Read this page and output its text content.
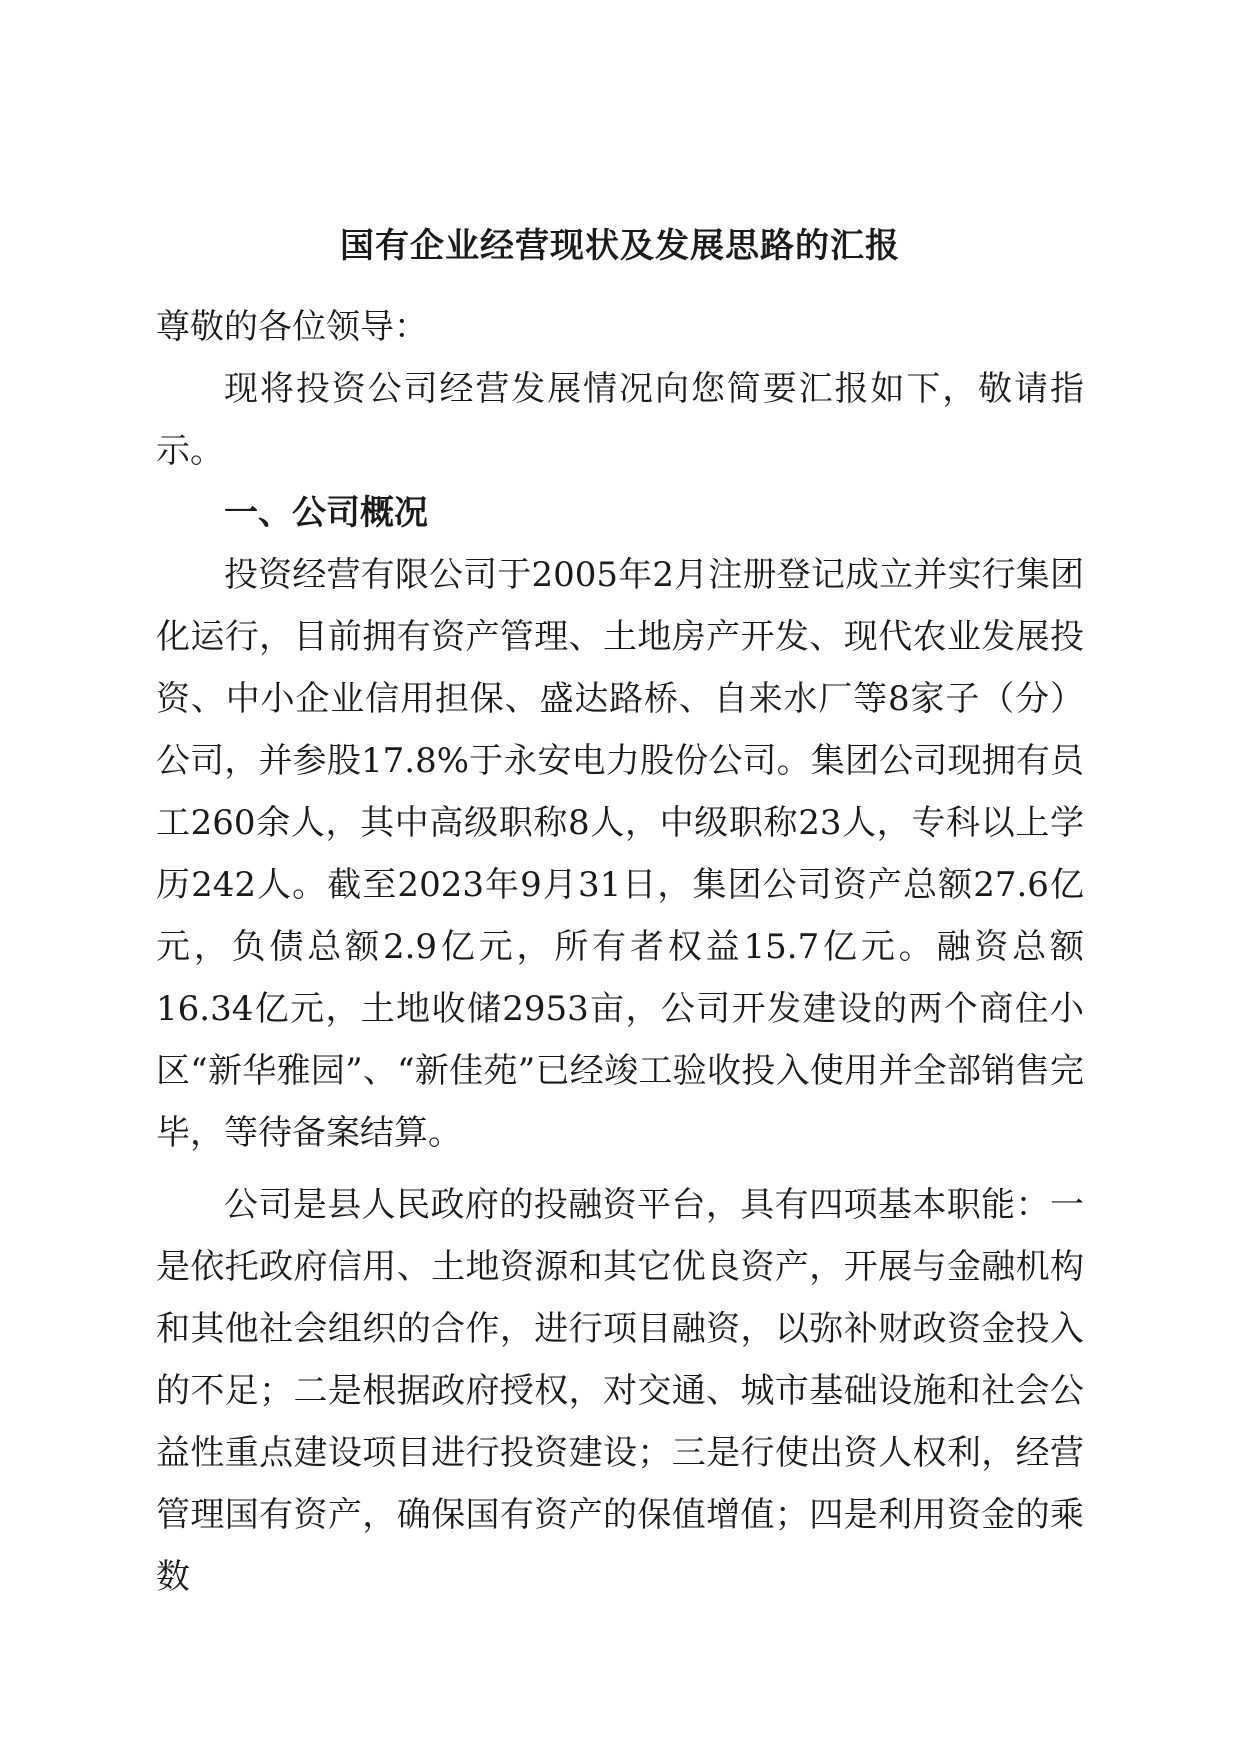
国有企业经营现状及发展思路的汇报

尊敬的各位领导：

现将投资公司经营发展情况向您简要汇报如下，敬请指示。

一、公司概况

投资经营有限公司于2005年2月注册登记成立并实行集团化运行，目前拥有资产管理、土地房产开发、现代农业发展投资、中小企业信用担保、盛达路桥、自来水厂等8家子（分）公司，并参股17.8%于永安电力股份公司。集团公司现拥有员工260余人，其中高级职称8人，中级职称23人，专科以上学历242人。截至2023年9月31日，集团公司资产总额27.6亿元，负债总额2.9亿元，所有者权益15.7亿元。融资总额16.34亿元，土地收储2953亩，公司开发建设的两个商住小区“新华雅园”、“新佳苑”已经竣工验收投入使用并全部销售完毕，等待备案结算。

公司是县人民政府的投融资平台，具有四项基本职能：一是依托政府信用、土地资源和其它优良资产，开展与金融机构和其他社会组织的合作，进行项目融资，以弥补财政资金投入的不足；二是根据政府授权，对交通、城市基础设施和社会公益性重点建设项目进行投资建设；三是行使出资人权利，经营管理国有资产，确保国有资产的保值增值；四是利用资金的乘数
